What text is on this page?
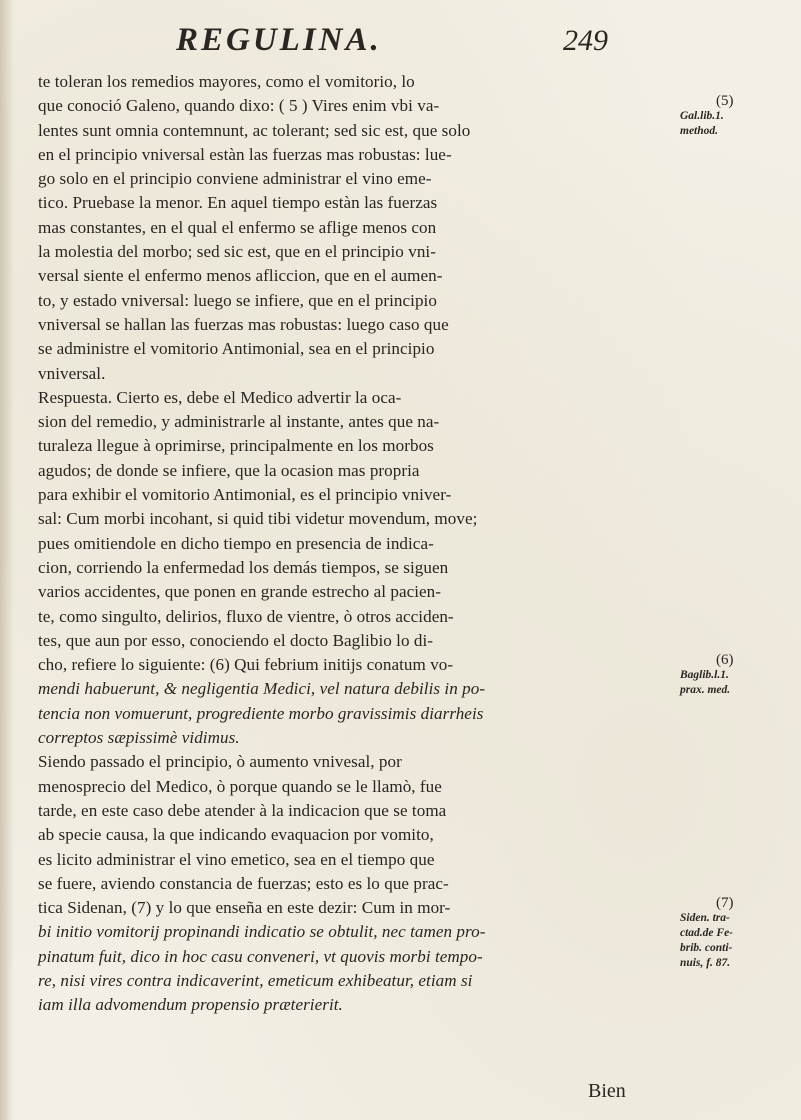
REGULINA.	249
te toleran los remedios mayores, como el vomitorio, lo
que conoció Galeno, quando dixo: ( 5 ) Vires enim vbi va-
lentes sunt omnia contemnunt, ac tolerant; sed sic est, que solo
en el principio vniversal estàn las fuerzas mas robustas: lue-
go solo en el principio conviene administrar el vino eme-
tico. Pruebase la menor. En aquel tiempo estàn las fuerzas
mas constantes, en el qual el enfermo se aflige menos con
la molestia del morbo; sed sic est, que en el principio vni-
versal siente el enfermo menos afliccion, que en el aumen-
to, y estado vniversal: luego se infiere, que en el principio
vniversal se hallan las fuerzas mas robustas: luego caso que
se administre el vomitorio Antimonial, sea en el principio
vniversal.
Respuesta. Cierto es, debe el Medico advertir la oca-
sion del remedio, y administrarle al instante, antes que na-
turaleza llegue à oprimirse, principalmente en los morbos
agudos; de donde se infiere, que la ocasion mas propria
para exhibir el vomitorio Antimonial, es el principio vniver-
sal: Cum morbi incohant, si quid tibi videtur movendum, move;
pues omitiendole en dicho tiempo en presencia de indica-
cion, corriendo la enfermedad los demás tiempos, se siguen
varios accidentes, que ponen en grande estrecho al pacien-
te, como singulto, delirios, fluxo de vientre, ò otros acciden-
tes, que aun por esso, conociendo el docto Baglibio lo di-
cho, refiere lo siguiente: (6) Qui febrium initijs conatum vo-
mendi habuerunt, & negligentia Medici, vel natura debilis in po-
tencia non vomuerunt, progrediente morbo gravissimis diarrheis
correptos sæpissimè vidimus.
Siendo passado el principio, ò aumento vnivesal, por
menosprecio del Medico, ò porque quando se le llamò, fue
tarde, en este caso debe atender à la indicacion que se toma
ab specie causa, la que indicando evaquacion por vomito,
es licito administrar el vino emetico, sea en el tiempo que
se fuere, aviendo constancia de fuerzas; esto es lo que prac-
tica Sidenan, (7) y lo que enseña en este dezir: Cum in mor-
bi initio vomitorij propinandi indicatio se obtulit, nec tamen pro-
pinatum fuit, dico in hoc casu conveneri, vt quovis morbi tempo-
re, nisi vires contra indicaverint, emeticum exhibeatur, etiam si
iam illa advomendum propensio præterierit.
(5)
Gal.lib.1.
method.
(6)
Baglib.l.1.
prax. med.
(7)
Siden. tra-
ctad.de Fe-
brib. conti-
nuis, f. 87.
Bien
